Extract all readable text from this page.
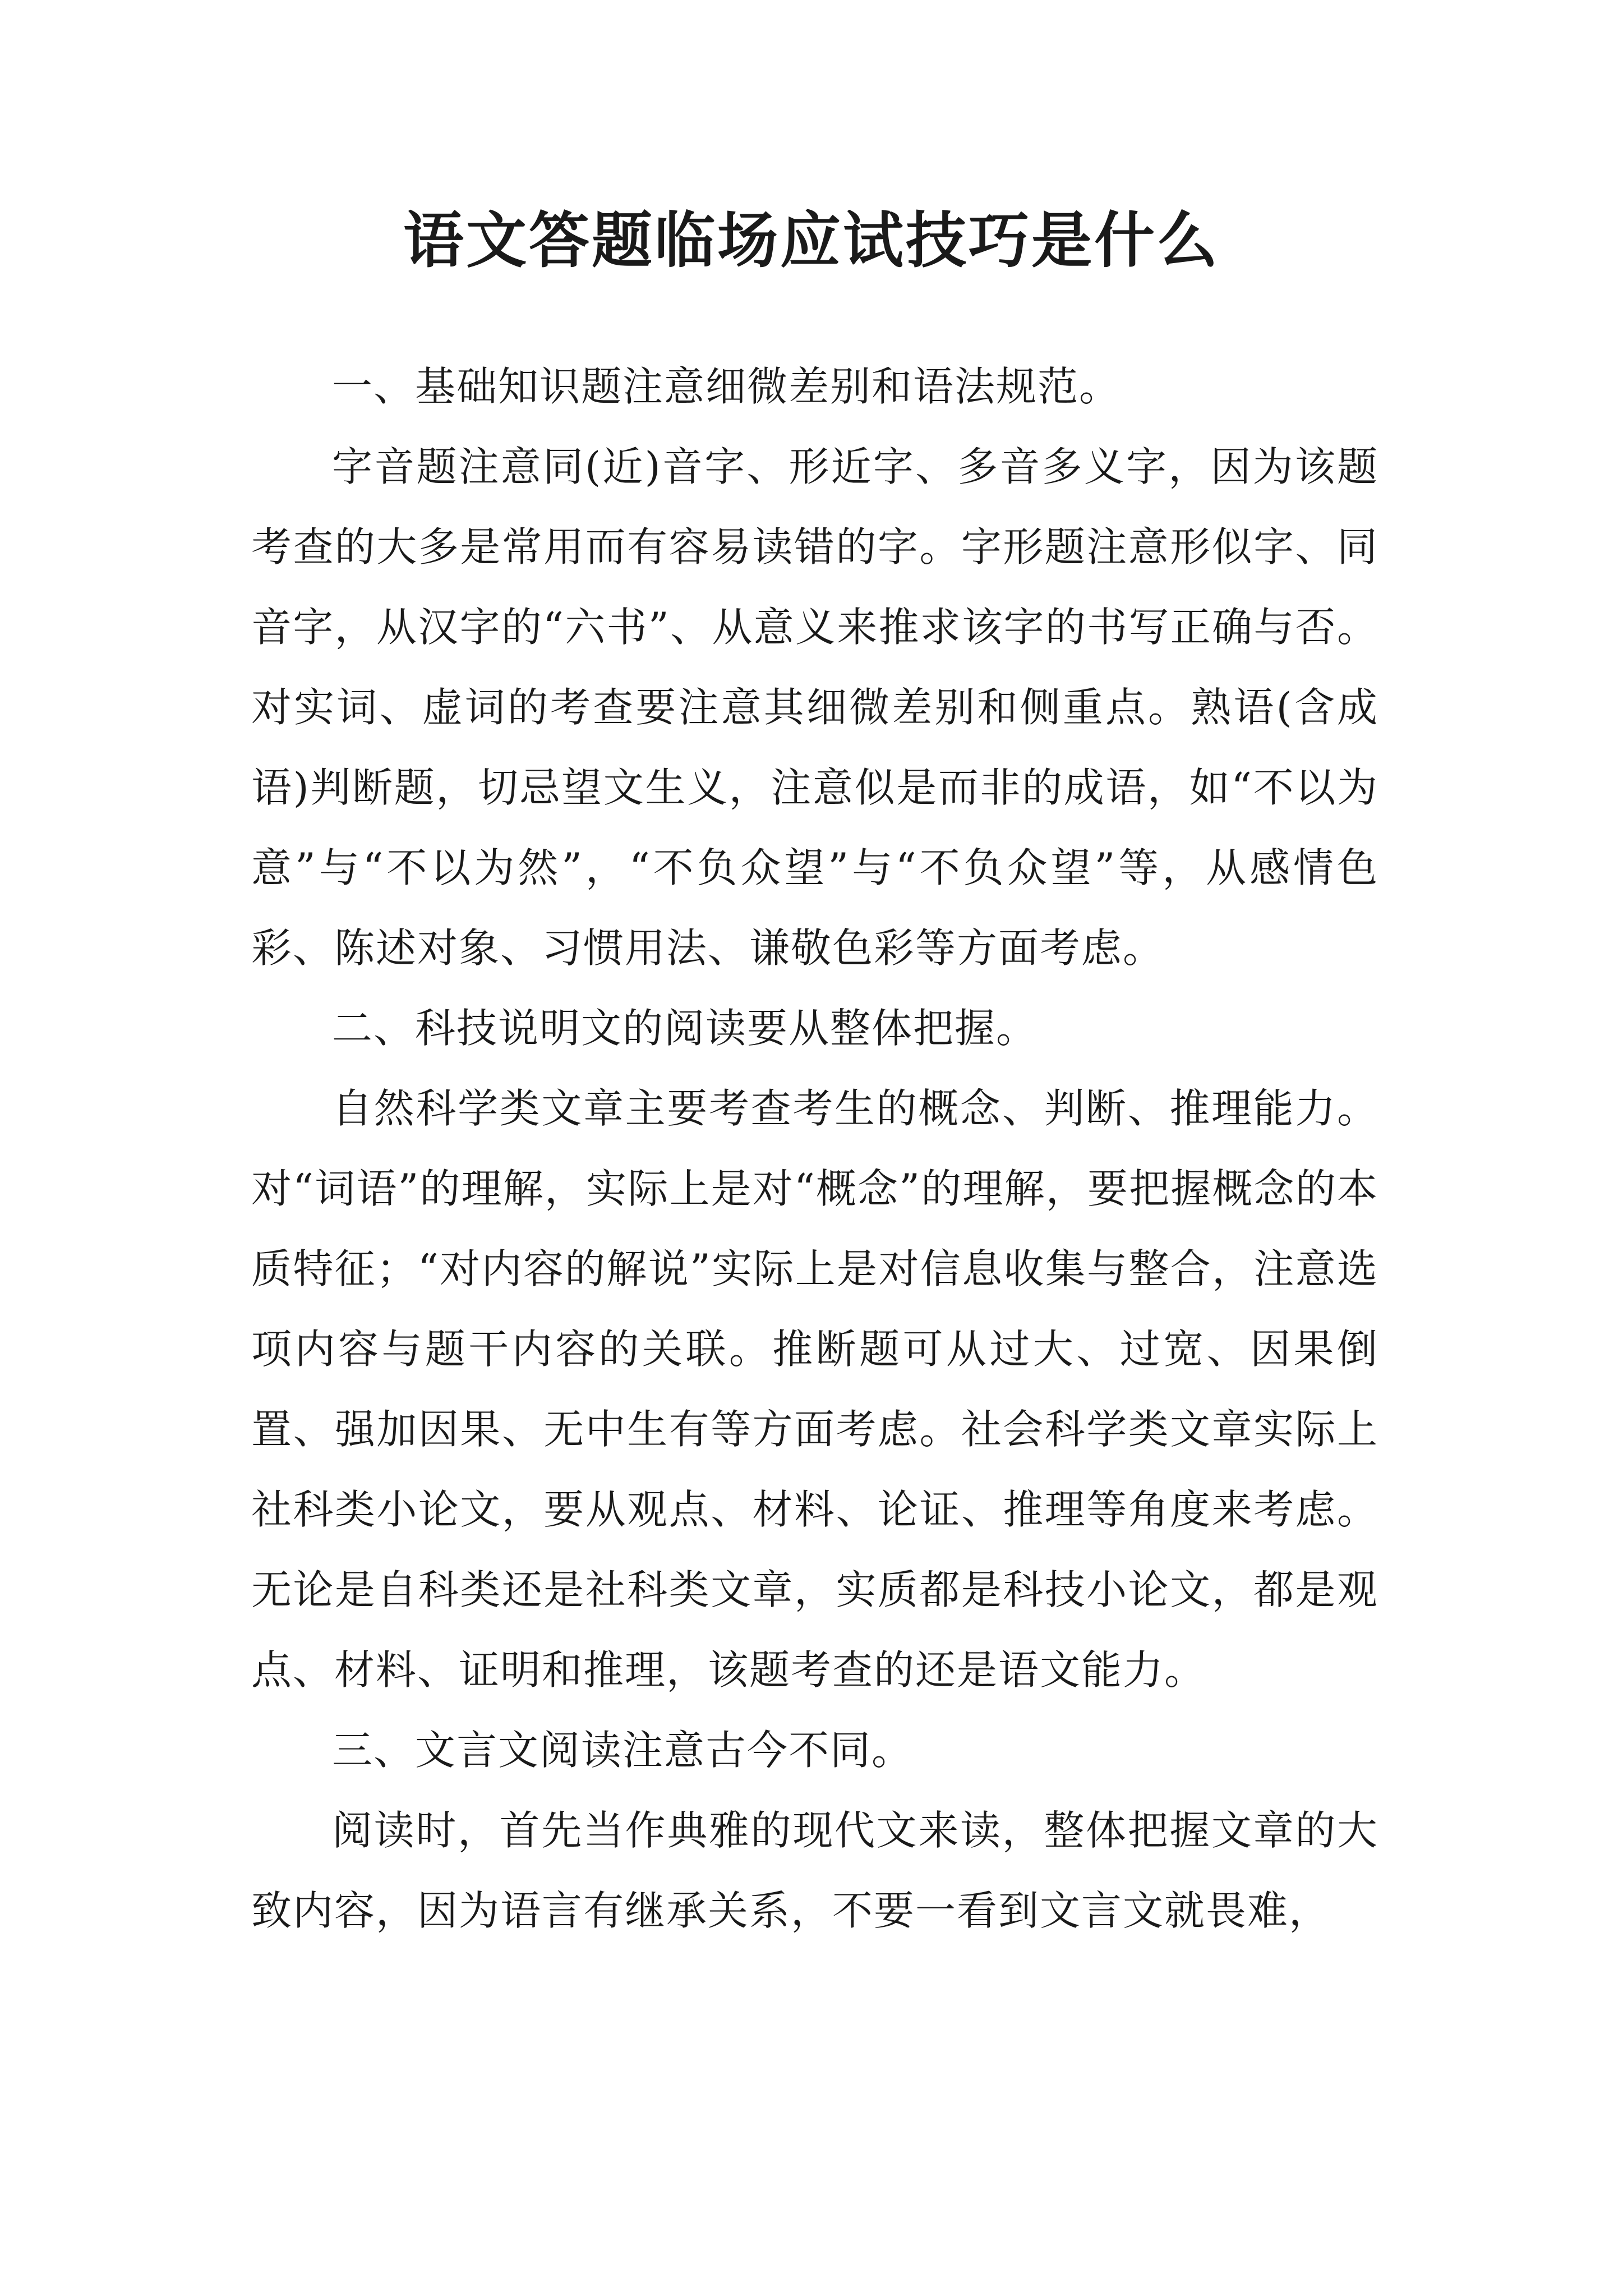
语文答题临场应试技巧是什么

一、基础知识题注意细微差别和语法规范。

字音题注意同(近)音字、形近字、多音多义字，因为该题考查的大多是常用而有容易读错的字。字形题注意形似字、同音字，从汉字的“六书”、从意义来推求该字的书写正确与否。对实词、虚词的考查要注意其细微差别和侧重点。熟语(含成语)判断题，切忌望文生义，注意似是而非的成语，如“不以为意”与“不以为然”，“不负众望”与“不负众望”等，从感情色彩、陈述对象、习惯用法、谦敬色彩等方面考虑。

二、科技说明文的阅读要从整体把握。

自然科学类文章主要考查考生的概念、判断、推理能力。对“词语”的理解，实际上是对“概念”的理解，要把握概念的本质特征；“对内容的解说”实际上是对信息收集与整合，注意选项内容与题干内容的关联。推断题可从过大、过宽、因果倒置、强加因果、无中生有等方面考虑。社会科学类文章实际上社科类小论文，要从观点、材料、论证、推理等角度来考虑。无论是自科类还是社科类文章，实质都是科技小论文，都是观点、材料、证明和推理，该题考查的还是语文能力。

三、文言文阅读注意古今不同。

阅读时，首先当作典雅的现代文来读，整体把握文章的大致内容，因为语言有继承关系，不要一看到文言文就畏难，
